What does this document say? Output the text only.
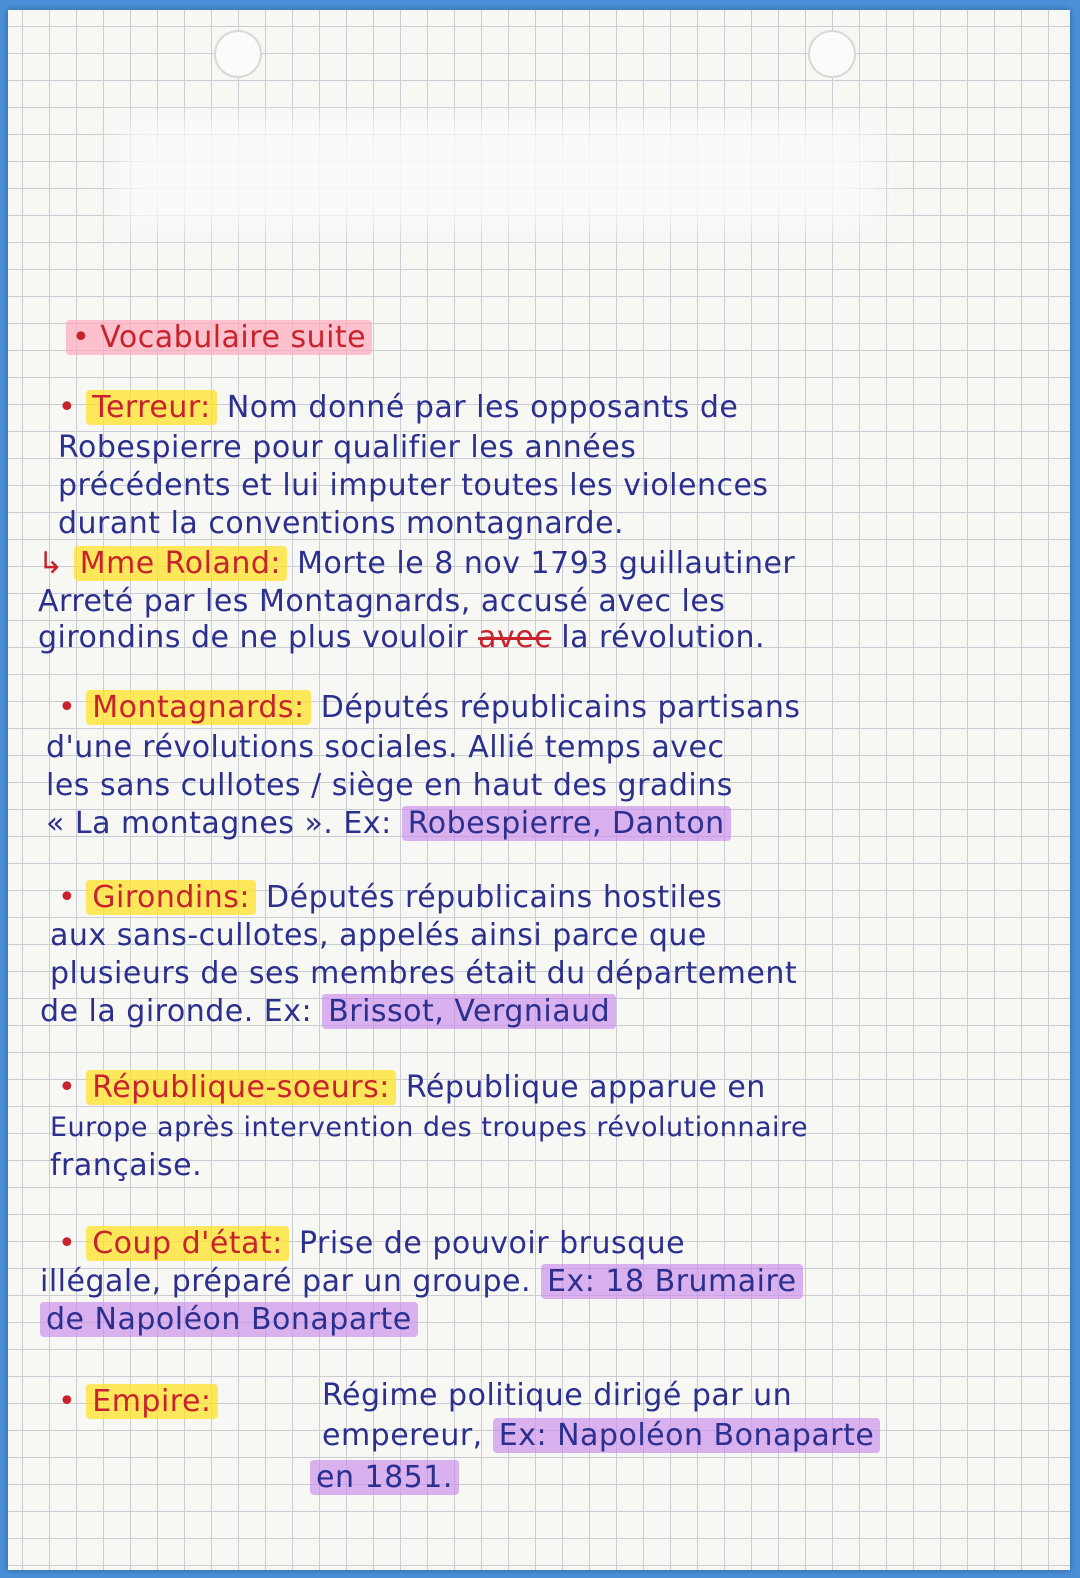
• Vocabulaire suite
• Terreur: Nom donné par les opposants de
Robespierre pour qualifier les années
précédents et lui imputer toutes les violences
durant la conventions montagnarde.
↳ Mme Roland: Morte le 8 nov 1793 guillautiner
Arreté par les Montagnards, accusé avec les
girondins de ne plus vouloir avec la révolution.
• Montagnards: Députés républicains partisans
d'une révolutions sociales. Allié temps avec
les sans cullotes / siège en haut des gradins
« La montagnes ». Ex: Robespierre, Danton
• Girondins: Députés républicains hostiles
aux sans-cullotes, appelés ainsi parce que
plusieurs de ses membres était du département
de la gironde. Ex: Brissot, Vergniaud
• République-soeurs: République apparue en
Europe après intervention des troupes révolutionnaire
française.
• Coup d'état: Prise de pouvoir brusque
illégale, préparé par un groupe. Ex: 18 Brumaire
de Napoléon Bonaparte
• Empire:	Régime politique dirigé par un
empereur, Ex: Napoléon Bonaparte
en 1851.
